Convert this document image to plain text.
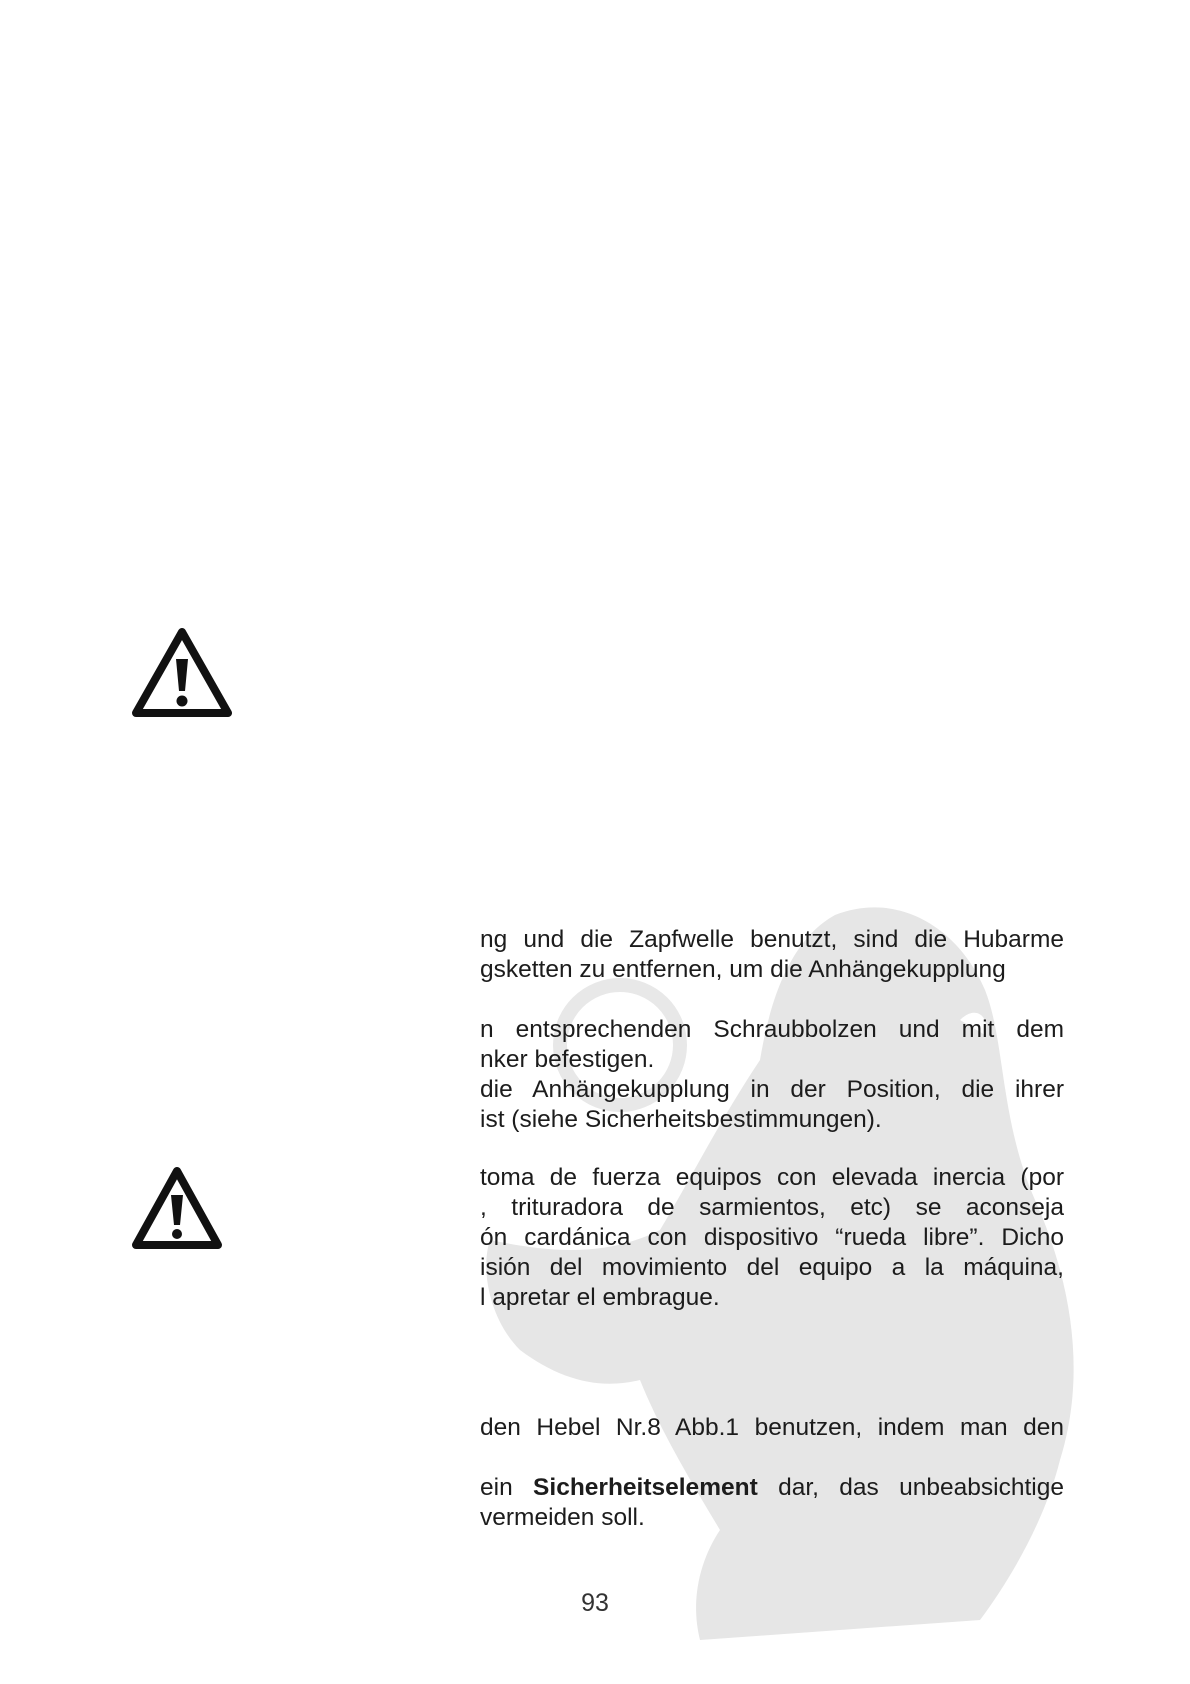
ng und die Zapfwelle benutzt, sind die Hubarme
gsketten zu entfernen, um die Anhängekupplung
n entsprechenden Schraubbolzen und mit dem
nker befestigen.
die Anhängekupplung in der Position, die ihrer
ist (siehe Sicherheitsbestimmungen).
toma de fuerza equipos con elevada inercia (por
, trituradora de sarmientos, etc) se aconseja
ón cardánica con dispositivo “rueda libre”. Dicho
isión del movimiento del equipo a la máquina,
l apretar el embrague.
den Hebel Nr.8 Abb.1 benutzen, indem man den
ein Sicherheitselement dar, das unbeabsichtige
vermeiden soll.
93
